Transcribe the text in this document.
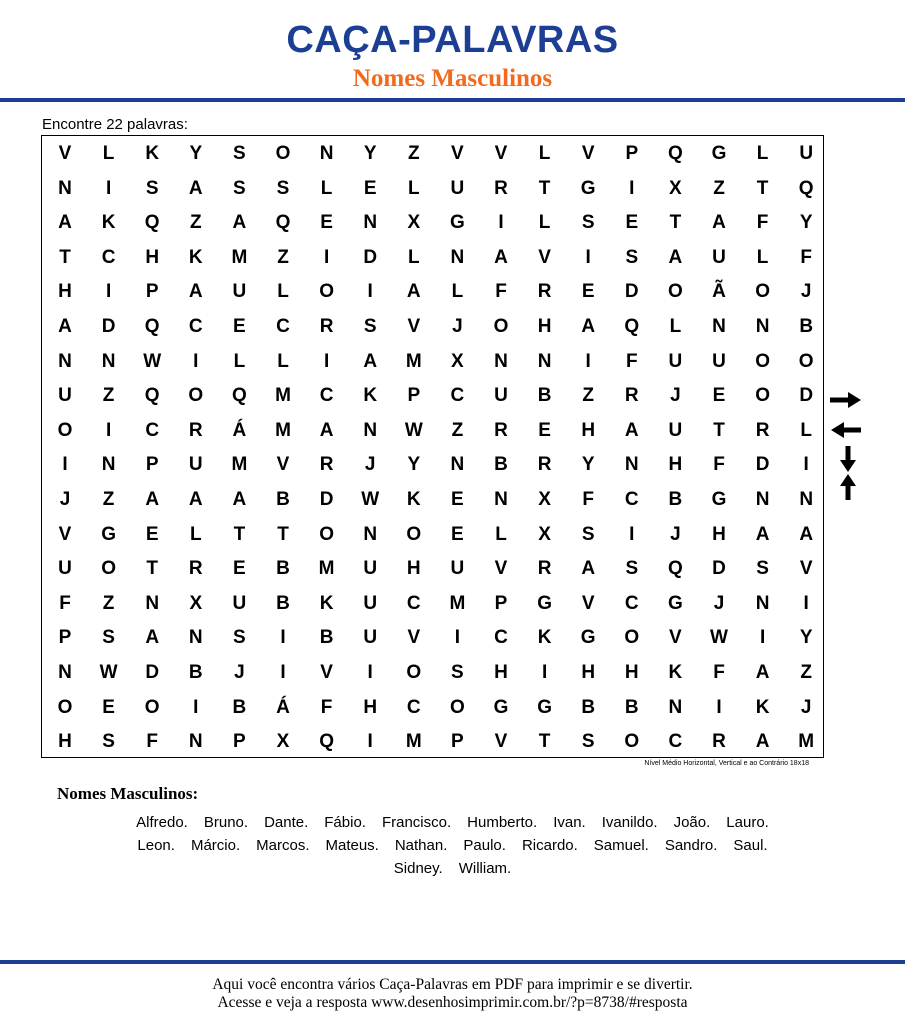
CAÇA-PALAVRAS
Nomes Masculinos
Encontre 22 palavras:
V	L	K	Y	S	O	N	Y	Z	V	V	L	V	P	Q	G	L	U
N	I	S	A	S	S	L	E	L	U	R	T	G	I	X	Z	T	Q
A	K	Q	Z	A	Q	E	N	X	G	I	L	S	E	T	A	F	Y
T	C	H	K	M	Z	I	D	L	N	A	V	I	S	A	U	L	F
H	I	P	A	U	L	O	I	A	L	F	R	E	D	O	Ã	O	J
A	D	Q	C	E	C	R	S	V	J	O	H	A	Q	L	N	N	B
N	N	W	I	L	L	I	A	M	X	N	N	I	F	U	U	O	O
U	Z	Q	O	Q	M	C	K	P	C	U	B	Z	R	J	E	O	D
O	I	C	R	Á	M	A	N	W	Z	R	E	H	A	U	T	R	L
I	N	P	U	M	V	R	J	Y	N	B	R	Y	N	H	F	D	I
J	Z	A	A	A	B	D	W	K	E	N	X	F	C	B	G	N	N
V	G	E	L	T	T	O	N	O	E	L	X	S	I	J	H	A	A
U	O	T	R	E	B	M	U	H	U	V	R	A	S	Q	D	S	V
F	Z	N	X	U	B	K	U	C	M	P	G	V	C	G	J	N	I
P	S	A	N	S	I	B	U	V	I	C	K	G	O	V	W	I	Y
N	W	D	B	J	I	V	I	O	S	H	I	H	H	K	F	A	Z
O	E	O	I	B	Á	F	H	C	O	G	G	B	B	N	I	K	J
H	S	F	N	P	X	Q	I	M	P	V	T	S	O	C	R	A	M
Nível Médio Horizontal, Vertical e ao Contrário 18x18
Nomes Masculinos:
Alfredo. Bruno. Dante. Fábio. Francisco. Humberto. Ivan. Ivanildo. João. Lauro.
Leon. Márcio. Marcos. Mateus. Nathan. Paulo. Ricardo. Samuel. Sandro. Saul.
Sidney. William.
Aqui você encontra vários Caça-Palavras em PDF para imprimir e se divertir.
Acesse e veja a resposta www.desenhosimprimir.com.br/?p=8738/#resposta
